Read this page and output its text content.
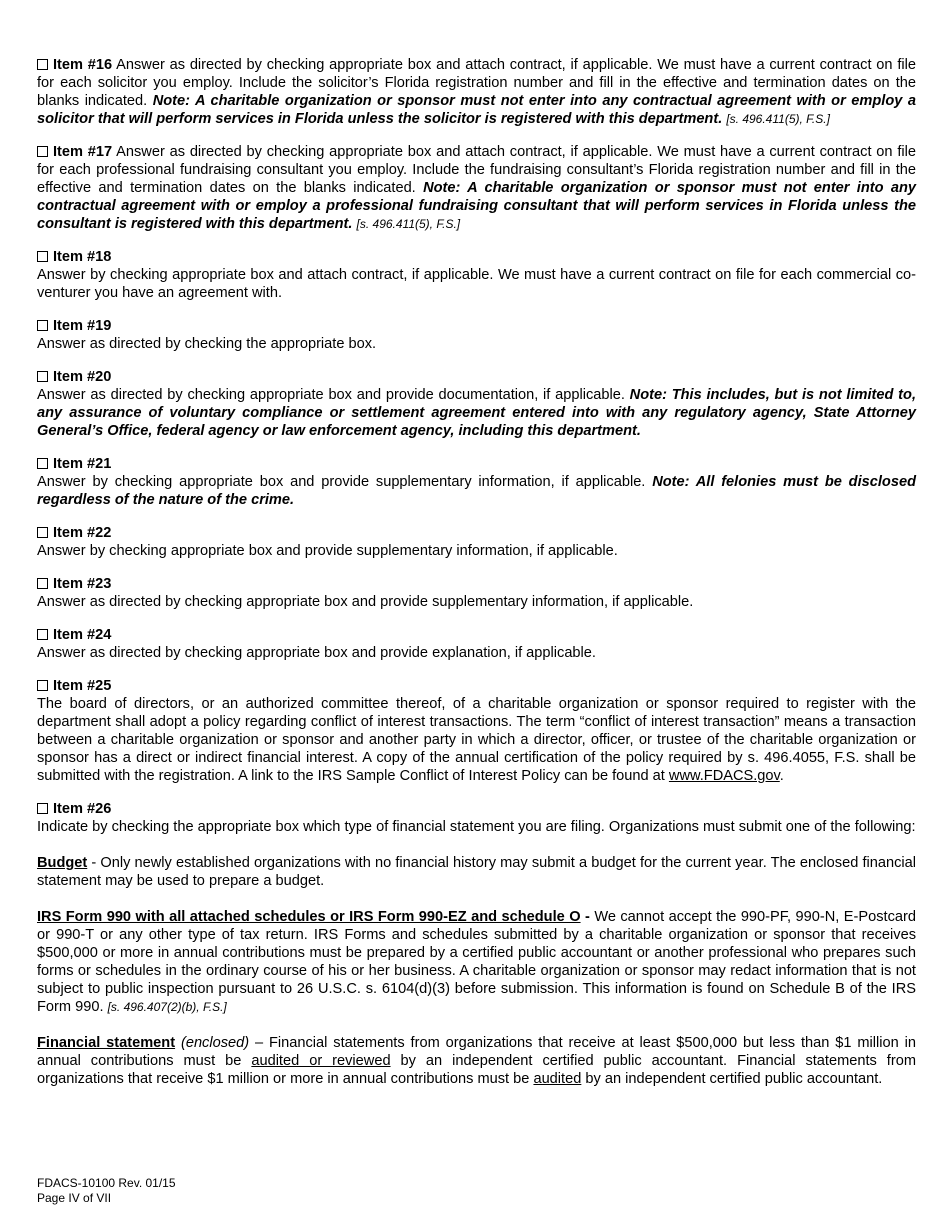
Item #16 Answer as directed by checking appropriate box and attach contract, if applicable. We must have a current contract on file for each solicitor you employ. Include the solicitor’s Florida registration number and fill in the effective and termination dates on the blanks indicated. Note: A charitable organization or sponsor must not enter into any contractual agreement with or employ a solicitor that will perform services in Florida unless the solicitor is registered with this department. [s. 496.411(5), F.S.]

Item #17 Answer as directed by checking appropriate box and attach contract, if applicable. We must have a current contract on file for each professional fundraising consultant you employ. Include the fundraising consultant’s Florida registration number and fill in the effective and termination dates on the blanks indicated. Note: A charitable organization or sponsor must not enter into any contractual agreement with or employ a professional fundraising consultant that will perform services in Florida unless the consultant is registered with this department. [s. 496.411(5), F.S.]

Item #18

Answer by checking appropriate box and attach contract, if applicable. We must have a current contract on file for each commercial co-venturer you have an agreement with.

Item #19

Answer as directed by checking the appropriate box.

Item #20

Answer as directed by checking appropriate box and provide documentation, if applicable. Note: This includes, but is not limited to, any assurance of voluntary compliance or settlement agreement entered into with any regulatory agency, State Attorney General’s Office, federal agency or law enforcement agency, including this department.

Item #21

Answer by checking appropriate box and provide supplementary information, if applicable. Note: All felonies must be disclosed regardless of the nature of the crime.

Item #22

Answer by checking appropriate box and provide supplementary information, if applicable.

Item #23

Answer as directed by checking appropriate box and provide supplementary information, if applicable.

Item #24

Answer as directed by checking appropriate box and provide explanation, if applicable.

Item #25

The board of directors, or an authorized committee thereof, of a charitable organization or sponsor required to register with the department shall adopt a policy regarding conflict of interest transactions. The term “conflict of interest transaction” means a transaction between a charitable organization or sponsor and another party in which a director, officer, or trustee of the charitable organization or sponsor has a direct or indirect financial interest. A copy of the annual certification of the policy required by s. 496.4055, F.S. shall be submitted with the registration. A link to the IRS Sample Conflict of Interest Policy can be found at www.FDACS.gov.

Item #26

Indicate by checking the appropriate box which type of financial statement you are filing. Organizations must submit one of the following:

Budget - Only newly established organizations with no financial history may submit a budget for the current year. The enclosed financial statement may be used to prepare a budget.

IRS Form 990 with all attached schedules or IRS Form 990-EZ and schedule O - We cannot accept the 990-PF, 990-N, E-Postcard or 990-T or any other type of tax return. IRS Forms and schedules submitted by a charitable organization or sponsor that receives $500,000 or more in annual contributions must be prepared by a certified public accountant or another professional who prepares such forms or schedules in the ordinary course of his or her business. A charitable organization or sponsor may redact information that is not subject to public inspection pursuant to 26 U.S.C. s. 6104(d)(3) before submission. This information is found on Schedule B of the IRS Form 990. [s. 496.407(2)(b), F.S.]

Financial statement (enclosed) – Financial statements from organizations that receive at least $500,000 but less than $1 million in annual contributions must be audited or reviewed by an independent certified public accountant. Financial statements from organizations that receive $1 million or more in annual contributions must be audited by an independent certified public accountant.

FDACS-10100 Rev. 01/15
Page IV of VII
